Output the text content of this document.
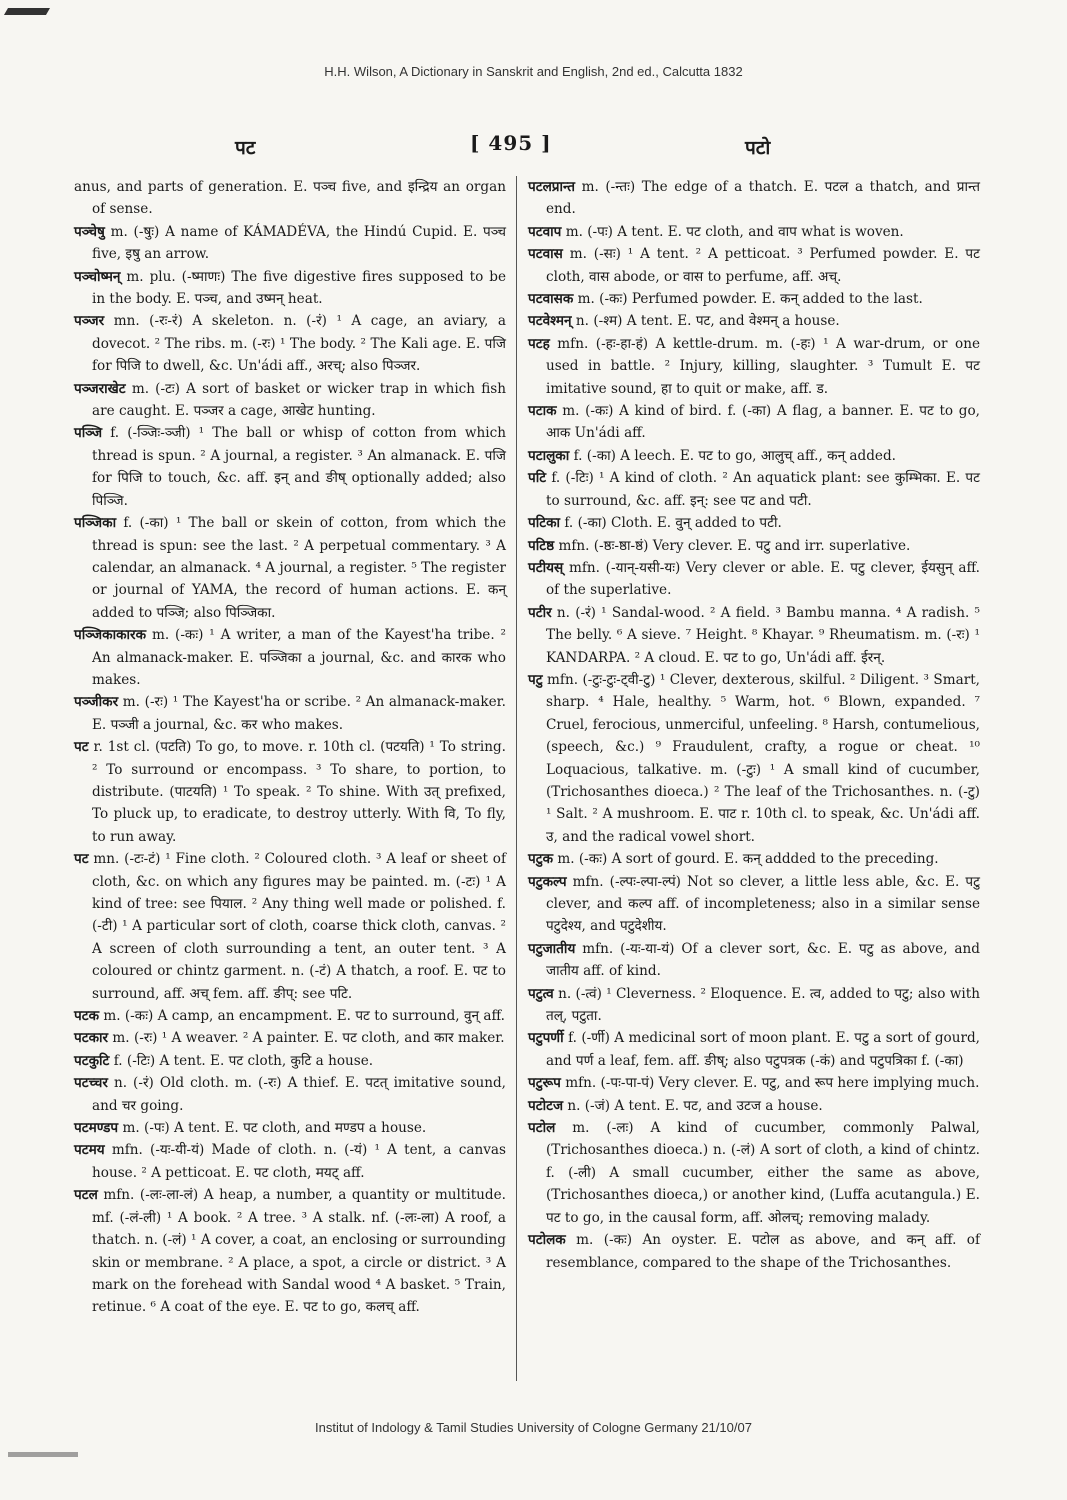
H.H. Wilson, A Dictionary in Sanskrit and English, 2nd ed., Calcutta 1832
पट	[ 495 ]	पटो

anus, and parts of generation. E. पञ्च five, and इन्द्रिय an organ of sense.

पञ्चेषु m. (-षुः) A name of KÁMADÉVA, the Hindú Cupid. E. पञ्च five, इषु an arrow.

पञ्चोष्मन् m. plu. (-ष्माणः) The five digestive fires supposed to be in the body. E. पञ्च, and उष्मन् heat.

पञ्जर mn. (-रः-रं) A skeleton. n. (-रं) ¹ A cage, an aviary, a dovecot. ² The ribs. m. (-रः) ¹ The body. ² The Kali age. E. पजि for पिजि to dwell, &c. Un'ádi aff., अरच्; also पिञ्जर.

पञ्जराखेट m. (-टः) A sort of basket or wicker trap in which fish are caught. E. पञ्जर a cage, आखेट hunting.

पञ्जि f. (-ञ्जिः-ञ्जी) ¹ The ball or whisp of cotton from which thread is spun. ² A journal, a register. ³ An almanack. E. पजि for पिजि to touch, &c. aff. इन् and ङीष् optionally added; also पिञ्जि.

पञ्जिका f. (-का) ¹ The ball or skein of cotton, from which the thread is spun: see the last. ² A perpetual commentary. ³ A calendar, an almanack. ⁴ A journal, a register. ⁵ The register or journal of YAMA, the record of human actions. E. कन् added to पञ्जि; also पिञ्जिका.

पञ्जिकाकारक m. (-कः) ¹ A writer, a man of the Kayest'ha tribe. ² An almanack-maker. E. पञ्जिका a journal, &c. and कारक who makes.

पञ्जीकर m. (-रः) ¹ The Kayest'ha or scribe. ² An almanack-maker. E. पञ्जी a journal, &c. कर who makes.

पट r. 1st cl. (पटति) To go, to move. r. 10th cl. (पटयति) ¹ To string. ² To surround or encompass. ³ To share, to portion, to distribute. (पाटयति) ¹ To speak. ² To shine. With उत् prefixed, To pluck up, to eradicate, to destroy utterly. With वि, To fly, to run away.

पट mn. (-टः-टं) ¹ Fine cloth. ² Coloured cloth. ³ A leaf or sheet of cloth, &c. on which any figures may be painted. m. (-टः) ¹ A kind of tree: see पियाल. ² Any thing well made or polished. f. (-टी) ¹ A particular sort of cloth, coarse thick cloth, canvas. ² A screen of cloth surrounding a tent, an outer tent. ³ A coloured or chintz garment. n. (-टं) A thatch, a roof. E. पट to surround, aff. अच् fem. aff. ङीप्: see पटि.

पटक m. (-कः) A camp, an encampment. E. पट to surround, वुन् aff.

पटकार m. (-रः) ¹ A weaver. ² A painter. E. पट cloth, and कार maker.

पटकुटि f. (-टिः) A tent. E. पट cloth, कुटि a house.

पटच्चर n. (-रं) Old cloth. m. (-रः) A thief. E. पटत् imitative sound, and चर going.

पटमण्डप m. (-पः) A tent. E. पट cloth, and मण्डप a house.

पटमय mfn. (-यः-यी-यं) Made of cloth. n. (-यं) ¹ A tent, a canvas house. ² A petticoat. E. पट cloth, मयट् aff.

पटल mfn. (-लः-ला-लं) A heap, a number, a quantity or multitude. mf. (-लं-ली) ¹ A book. ² A tree. ³ A stalk. nf. (-लः-ला) A roof, a thatch. n. (-लं) ¹ A cover, a coat, an enclosing or surrounding skin or membrane. ² A place, a spot, a circle or district. ³ A mark on the forehead with Sandal wood ⁴ A basket. ⁵ Train, retinue. ⁶ A coat of the eye. E. पट to go, कलच् aff.

पटलप्रान्त m. (-न्तः) The edge of a thatch. E. पटल a thatch, and प्रान्त end.

पटवाप m. (-पः) A tent. E. पट cloth, and वाप what is woven.

पटवास m. (-सः) ¹ A tent. ² A petticoat. ³ Perfumed powder. E. पट cloth, वास abode, or वास to perfume, aff. अच्.

पटवासक m. (-कः) Perfumed powder. E. कन् added to the last.

पटवेश्मन् n. (-श्म) A tent. E. पट, and वेश्मन् a house.

पटह mfn. (-हः-हा-हं) A kettle-drum. m. (-हः) ¹ A war-drum, or one used in battle. ² Injury, killing, slaughter. ³ Tumult E. पट imitative sound, हा to quit or make, aff. ड.

पटाक m. (-कः) A kind of bird. f. (-का) A flag, a banner. E. पट to go, आक Un'ádi aff.

पटालुका f. (-का) A leech. E. पट to go, आलुच् aff., कन् added.

पटि f. (-टिः) ¹ A kind of cloth. ² An aquatick plant: see कुम्भिका. E. पट to surround, &c. aff. इन्: see पट and पटी.

पटिका f. (-का) Cloth. E. वुन् added to पटी.

पटिष्ठ mfn. (-ष्ठः-ष्ठा-ष्ठं) Very clever. E. पटु and irr. superlative.

पटीयस् mfn. (-यान्-यसी-यः) Very clever or able. E. पटु clever, ईयसुन् aff. of the superlative.

पटीर n. (-रं) ¹ Sandal-wood. ² A field. ³ Bambu manna. ⁴ A radish. ⁵ The belly. ⁶ A sieve. ⁷ Height. ⁸ Khayar. ⁹ Rheumatism. m. (-रः) ¹ KANDARPA. ² A cloud. E. पट to go, Un'ádi aff. ईरन्.

पटु mfn. (-टुः-टुः-ट्वी-टु) ¹ Clever, dexterous, skilful. ² Diligent. ³ Smart, sharp. ⁴ Hale, healthy. ⁵ Warm, hot. ⁶ Blown, expanded. ⁷ Cruel, ferocious, unmerciful, unfeeling. ⁸ Harsh, contumelious, (speech, &c.) ⁹ Fraudulent, crafty, a rogue or cheat. ¹⁰ Loquacious, talkative. m. (-टुः) ¹ A small kind of cucumber, (Trichosanthes dioeca.) ² The leaf of the Trichosanthes. n. (-टु) ¹ Salt. ² A mushroom. E. पाट r. 10th cl. to speak, &c. Un'ádi aff. उ, and the radical vowel short.

पटुक m. (-कः) A sort of gourd. E. कन् addded to the preceding.

पटुकल्प mfn. (-ल्पः-ल्पा-ल्पं) Not so clever, a little less able, &c. E. पटु clever, and कल्प aff. of incompleteness; also in a similar sense पटुदेश्य, and पटुदेशीय.

पटुजातीय mfn. (-यः-या-यं) Of a clever sort, &c. E. पटु as above, and जातीय aff. of kind.

पटुत्व n. (-त्वं) ¹ Cleverness. ² Eloquence. E. त्व, added to पटु; also with तल्, पटुता.

पटुपर्णी f. (-र्णी) A medicinal sort of moon plant. E. पटु a sort of gourd, and पर्ण a leaf, fem. aff. ङीष्; also पटुपत्रक (-कं) and पटुपत्रिका f. (-का)

पटुरूप mfn. (-पः-पा-पं) Very clever. E. पटु, and रूप here implying much.

पटोटज n. (-जं) A tent. E. पट, and उटज a house.

पटोल m. (-लः) A kind of cucumber, commonly Palwal, (Trichosanthes dioeca.) n. (-लं) A sort of cloth, a kind of chintz. f. (-ली) A small cucumber, either the same as above, (Trichosanthes dioeca,) or another kind, (Luffa acutangula.) E. पट to go, in the causal form, aff. ओलच्; removing malady.

पटोलक m. (-कः) An oyster. E. पटोल as above, and कन् aff. of resemblance, compared to the shape of the Trichosanthes.

Institut of Indology & Tamil Studies University of Cologne Germany 21/10/07
